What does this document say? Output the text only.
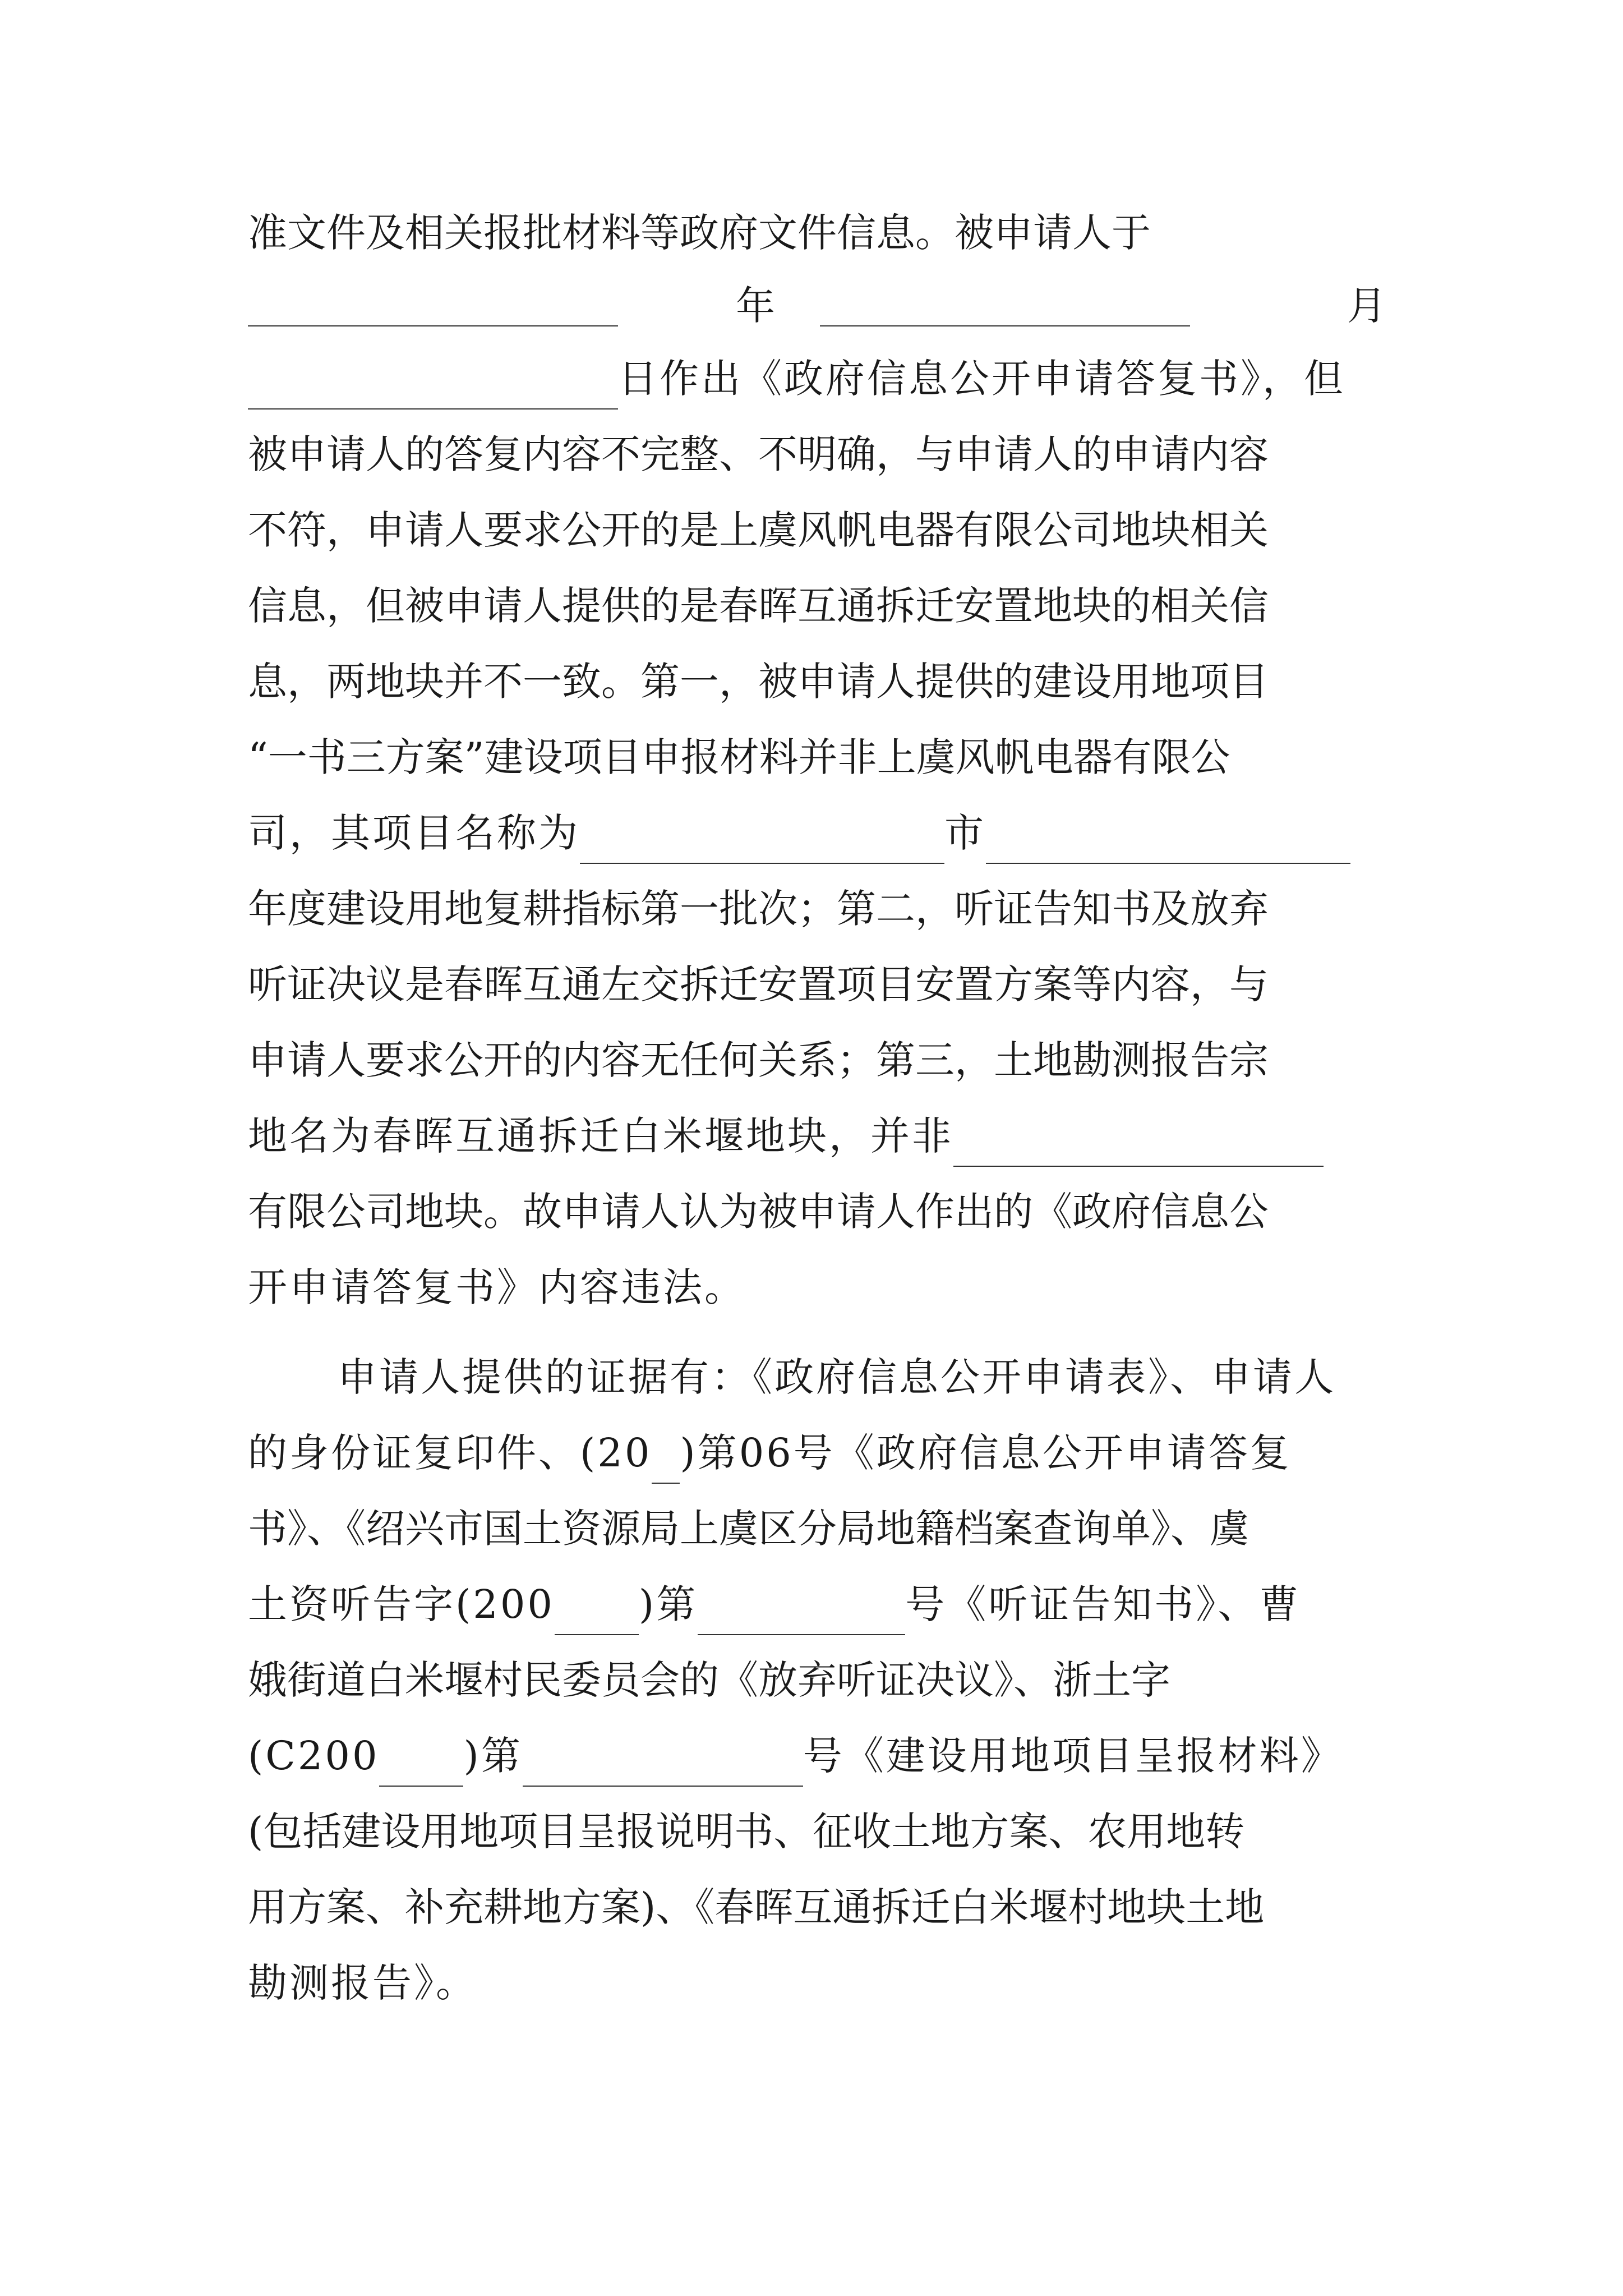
准文件及相关报批材料等政府文件信息。被申请人于
年	月
日作出《政府信息公开申请答复书》，但
被申请人的答复内容不完整、不明确，与申请人的申请内容
不符，申请人要求公开的是上虞风帆电器有限公司地块相关
信息，但被申请人提供的是春晖互通拆迁安置地块的相关信
息，两地块并不一致。第一，被申请人提供的建设用地项目
“一书三方案”建设项目申报材料并非上虞风帆电器有限公
司，其项目名称为	市
年度建设用地复耕指标第一批次；第二，听证告知书及放弃
听证决议是春晖互通左交拆迁安置项目安置方案等内容，与
申请人要求公开的内容无任何关系；第三，土地勘测报告宗
地名为春晖互通拆迁白米堰地块，并非
有限公司地块。故申请人认为被申请人作出的《政府信息公
开申请答复书》内容违法。
申请人提供的证据有：《政府信息公开申请表》、申请人
的身份证复印件、(20 )第06号《政府信息公开申请答复
书》、《绍兴市国土资源局上虞区分局地籍档案查询单》、虞
土资听告字(200 )第	号《听证告知书》、曹
娥街道白米堰村民委员会的《放弃听证决议》、浙土字
(C200 )第	号《建设用地项目呈报材料》
(包括建设用地项目呈报说明书、征收土地方案、农用地转
用方案、补充耕地方案)、《春晖互通拆迁白米堰村地块土地
勘测报告》。
